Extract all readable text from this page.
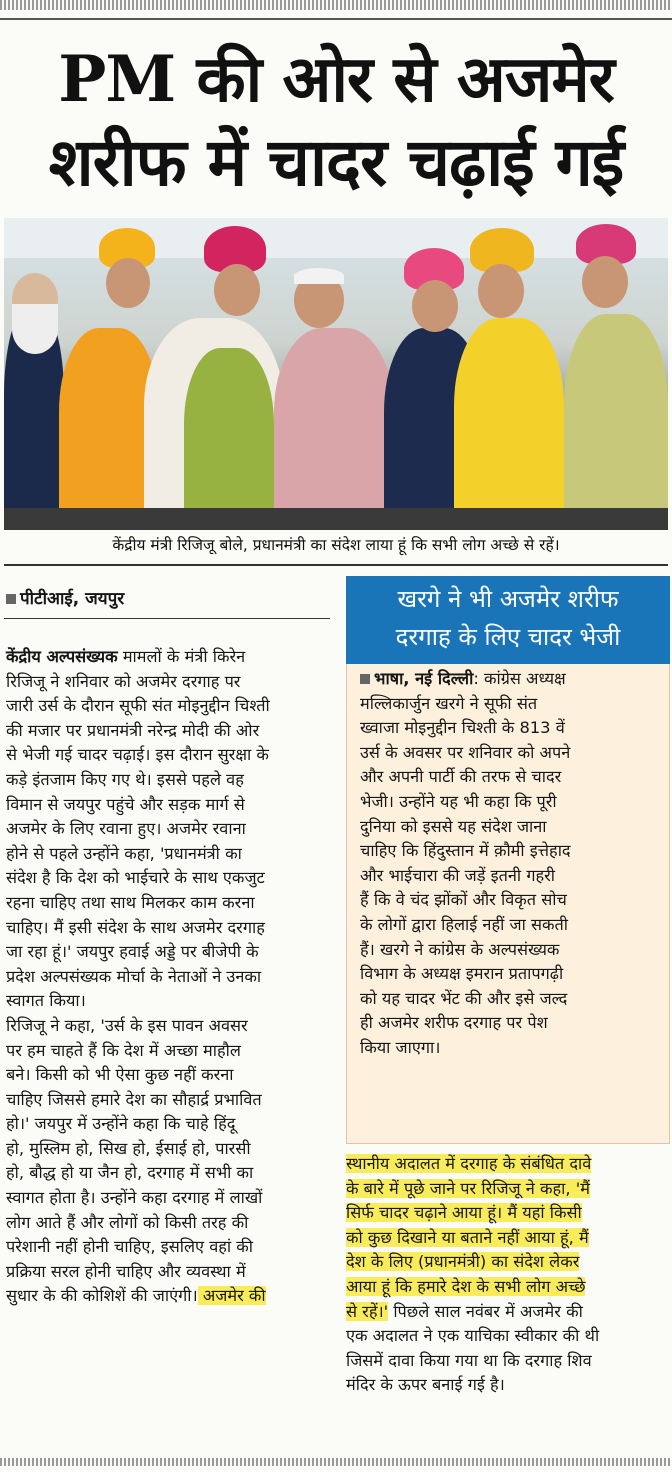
PM की ओर से अजमेर
शरीफ में चादर चढ़ाई गई
केंद्रीय मंत्री रिजिजू बोले, प्रधानमंत्री का संदेश लाया हूं कि सभी लोग अच्छे से रहें।
पीटीआई, जयपुर
केंद्रीय अल्पसंख्यक मामलों के मंत्री किरेन
रिजिजू ने शनिवार को अजमेर दरगाह पर
जारी उर्स के दौरान सूफी संत मोइनुद्दीन चिश्ती
की मजार पर प्रधानमंत्री नरेन्द्र मोदी की ओर
से भेजी गई चादर चढ़ाई। इस दौरान सुरक्षा के
कड़े इंतजाम किए गए थे। इससे पहले वह
विमान से जयपुर पहुंचे और सड़क मार्ग से
अजमेर के लिए रवाना हुए। अजमेर रवाना
होने से पहले उन्होंने कहा, 'प्रधानमंत्री का
संदेश है कि देश को भाईचारे के साथ एकजुट
रहना चाहिए तथा साथ मिलकर काम करना
चाहिए। मैं इसी संदेश के साथ अजमेर दरगाह
जा रहा हूं।' जयपुर हवाई अड्डे पर बीजेपी के
प्रदेश अल्पसंख्यक मोर्चा के नेताओं ने उनका
स्वागत किया।
रिजिजू ने कहा, 'उर्स के इस पावन अवसर
पर हम चाहते हैं कि देश में अच्छा माहौल
बने। किसी को भी ऐसा कुछ नहीं करना
चाहिए जिससे हमारे देश का सौहार्द्र प्रभावित
हो।' जयपुर में उन्होंने कहा कि चाहे हिंदू
हो, मुस्लिम हो, सिख हो, ईसाई हो, पारसी
हो, बौद्ध हो या जैन हो, दरगाह में सभी का
स्वागत होता है। उन्होंने कहा दरगाह में लाखों
लोग आते हैं और लोगों को किसी तरह की
परेशानी नहीं होनी चाहिए, इसलिए वहां की
प्रक्रिया सरल होनी चाहिए और व्यवस्था में
सुधार के की कोशिशें की जाएंगी। अजमेर की
खरगे ने भी अजमेर शरीफ
दरगाह के लिए चादर भेजी
भाषा, नई दिल्ली: कांग्रेस अध्यक्ष
मल्लिकार्जुन खरगे ने सूफी संत
ख्वाजा मोइनुद्दीन चिश्ती के 813 वें
उर्स के अवसर पर शनिवार को अपने
और अपनी पार्टी की तरफ से चादर
भेजी। उन्होंने यह भी कहा कि पूरी
दुनिया को इससे यह संदेश जाना
चाहिए कि हिंदुस्तान में क़ौमी इत्तेहाद
और भाईचारा की जड़ें इतनी गहरी
हैं कि वे चंद झोंकों और विकृत सोच
के लोगों द्वारा हिलाई नहीं जा सकती
हैं। खरगे ने कांग्रेस के अल्पसंख्यक
विभाग के अध्यक्ष इमरान प्रतापगढ़ी
को यह चादर भेंट की और इसे जल्द
ही अजमेर शरीफ दरगाह पर पेश
किया जाएगा।
स्थानीय अदालत में दरगाह के संबंधित दावे
के बारे में पूछे जाने पर रिजिजू ने कहा, 'मैं
सिर्फ चादर चढ़ाने आया हूं। मैं यहां किसी
को कुछ दिखाने या बताने नहीं आया हूं, मैं
देश के लिए (प्रधानमंत्री) का संदेश लेकर
आया हूं कि हमारे देश के सभी लोग अच्छे
से रहें।' पिछले साल नवंबर में अजमेर की
एक अदालत ने एक याचिका स्वीकार की थी
जिसमें दावा किया गया था कि दरगाह शिव
मंदिर के ऊपर बनाई गई है।
